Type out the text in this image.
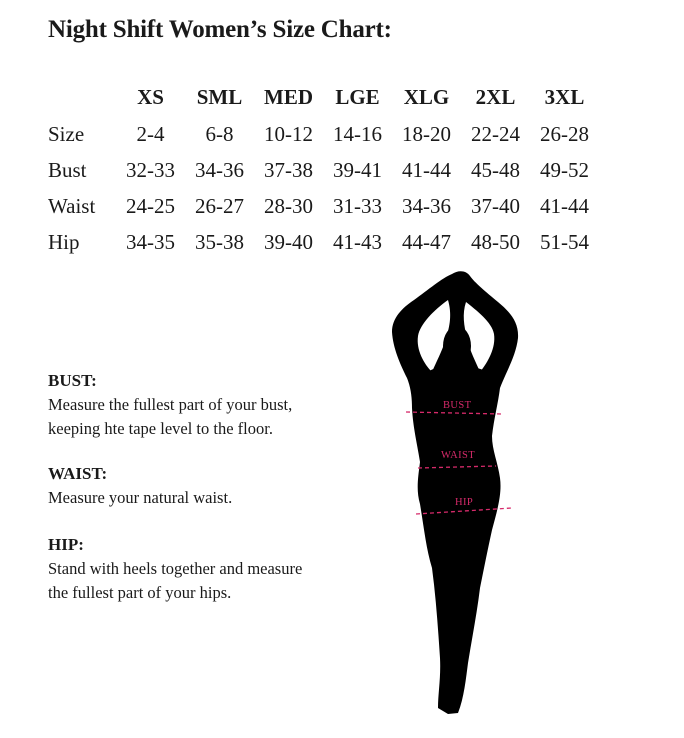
Night Shift Women’s Size Chart:
	XS	SML	MED	LGE	XLG	2XL	3XL
Size	2-4	6-8	10-12	14-16	18-20	22-24	26-28
Bust	32-33	34-36	37-38	39-41	41-44	45-48	49-52
Waist	24-25	26-27	28-30	31-33	34-36	37-40	41-44
Hip	34-35	35-38	39-40	41-43	44-47	48-50	51-54
BUST:
Measure the fullest part of your bust,
keeping hte tape level to the floor.
WAIST:
Measure your natural waist.
HIP:
Stand with heels together and measure
the fullest part of your hips.
BUST
WAIST
HIP
